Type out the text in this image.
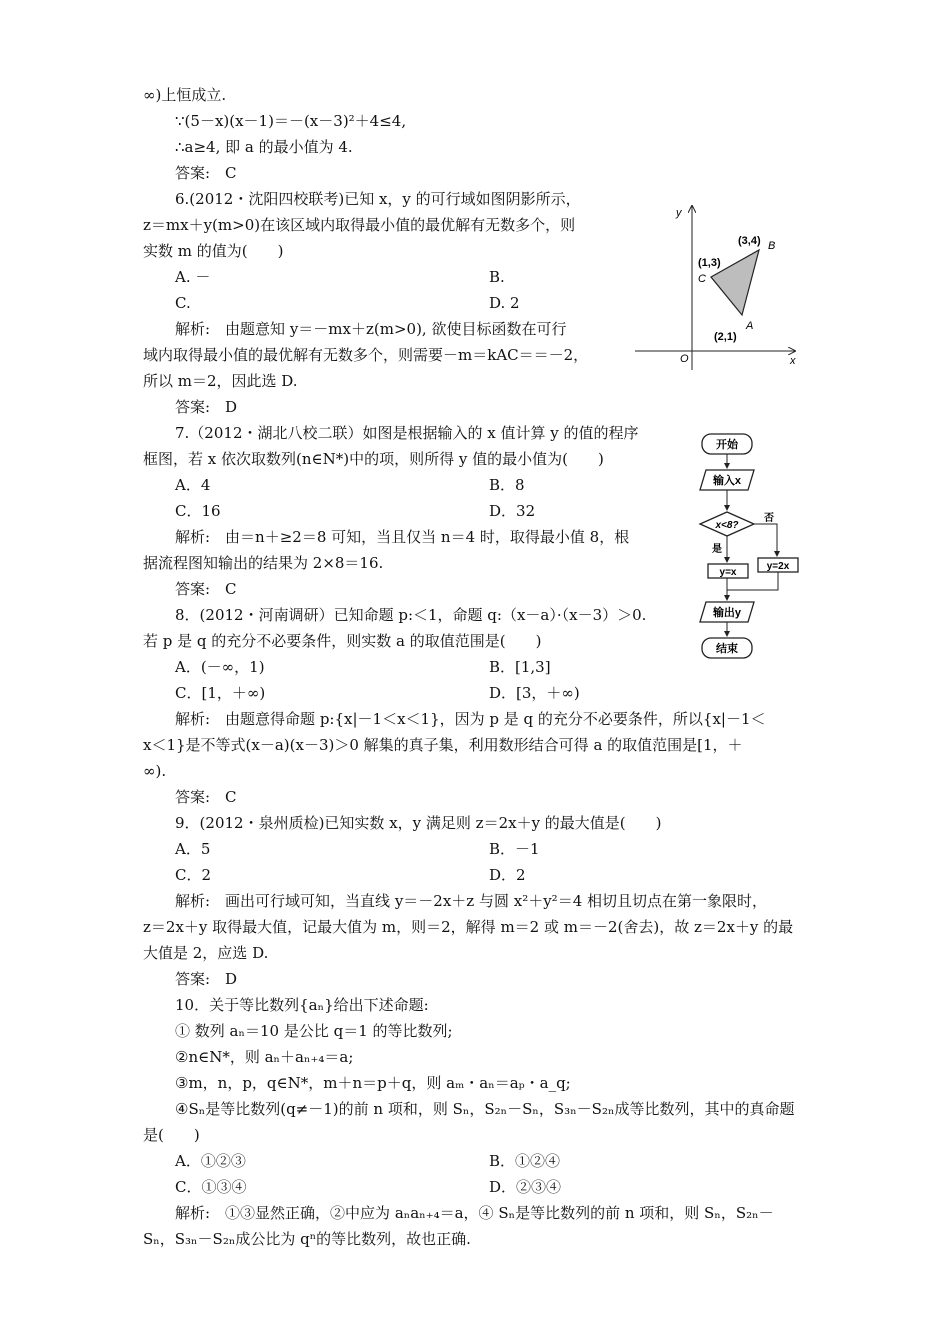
∞)上恒成立.
∵(5－x)(x－1)＝－(x－3)²＋4≤4,
∴a≥4, 即 a 的最小值为 4.
答案:　C
6.(2012・沈阳四校联考)已知 x，y 的可行域如图阴影所示，
z＝mx＋y(m>0)在该区域内取得最小值的最优解有无数多个，则
实数 m 的值为(　　)
A. －	B.
C.	D. 2
解析:　由题意知 y＝－mx＋z(m>0), 欲使目标函数在可行
域内取得最小值的最优解有无数多个，则需要－m＝kAC＝＝－2，
所以 m＝2，因此选 D.
答案:　D
7.（2012・湖北八校二联）如图是根据输入的 x 值计算 y 的值的程序
框图，若 x 依次取数列(n∈N*)中的项，则所得 y 值的最小值为(　　)
A．4	B．8
C．16	D．32
解析:　由＝n＋≥2＝8 可知，当且仅当 n＝4 时，取得最小值 8，根
据流程图知输出的结果为 2×8＝16.
答案:　C
8．(2012・河南调研）已知命题 p:＜1，命题 q:（x－a）·（x－3）＞0.
若 p 是 q 的充分不必要条件，则实数 a 的取值范围是(　　)
A．(－∞，1)	B．[1,3]
C．[1，＋∞)	D．[3，＋∞)
解析:　由题意得命题 p:{x|－1＜x＜1}，因为 p 是 q 的充分不必要条件，所以{x|－1＜
x＜1}是不等式(x－a)(x－3)＞0 解集的真子集，利用数形结合可得 a 的取值范围是[1，＋
∞).
答案:　C
9．(2012・泉州质检)已知实数 x，y 满足则 z＝2x＋y 的最大值是(　　)
A．5	B．－1
C．2	D．2
解析:　画出可行域可知，当直线 y＝－2x＋z 与圆 x²＋y²＝4 相切且切点在第一象限时，
z＝2x＋y 取得最大值，记最大值为 m，则＝2，解得 m＝2 或 m＝－2(舍去)，故 z＝2x＋y 的最
大值是 2，应选 D.
答案:　D
10．关于等比数列{aₙ}给出下述命题:
① 数列 aₙ＝10 是公比 q＝1 的等比数列;
②n∈N*，则 aₙ＋aₙ₊₄＝a;
③m，n，p，q∈N*，m＋n＝p＋q，则 aₘ・aₙ＝aₚ・a_q;
④Sₙ是等比数列(q≠－1)的前 n 项和，则 Sₙ，S₂ₙ－Sₙ，S₃ₙ－S₂ₙ成等比数列，其中的真命题
是(　　)
A．①②③	B．①②④
C．①③④	D．②③④
解析:　①③显然正确，②中应为 aₙaₙ₊₄＝a，④ Sₙ是等比数列的前 n 项和，则 Sₙ，S₂ₙ－
Sₙ，S₃ₙ－S₂ₙ成公比为 qⁿ的等比数列，故也正确.
y
x
O
(3,4) B
(1,3)
C
A
(2,1)
开始
输入x
x<8?
否
是
y=x
y=2x
输出y
结束
